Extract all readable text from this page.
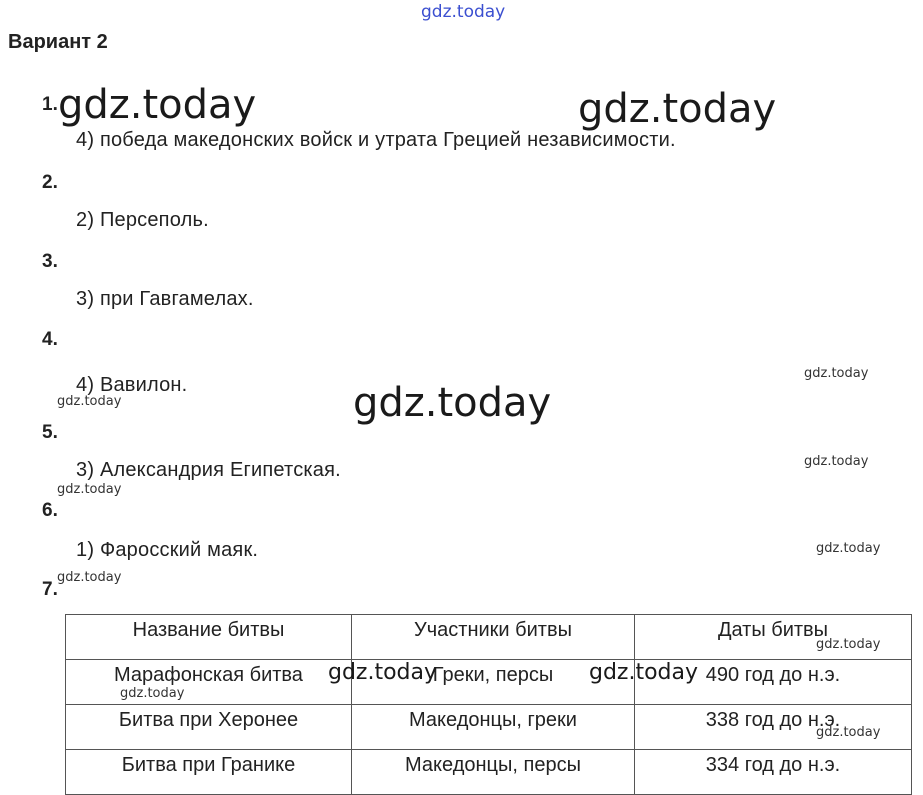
gdz.today
Вариант 2
1.
4) победа македонских войск и утрата Грецией независимости.
2.
2) Персеполь.
3.
3) при Гавгамелах.
4.
4) Вавилон.
5.
3) Александрия Египетская.
6.
1) Фаросский маяк.
7.
Название битвы	Участники битвы	Даты битвы
Марафонская битва	Греки, персы	490 год до н.э.
Битва при Херонее	Македонцы, греки	338 год до н.э.
Битва при Гранике	Македонцы, персы	334 год до н.э.
gdz.today	gdz.today
gdz.today
gdz.today
gdz.today
gdz.today
gdz.today
gdz.today
gdz.today
gdz.today
gdz.today	gdz.today
gdz.today
gdz.today
